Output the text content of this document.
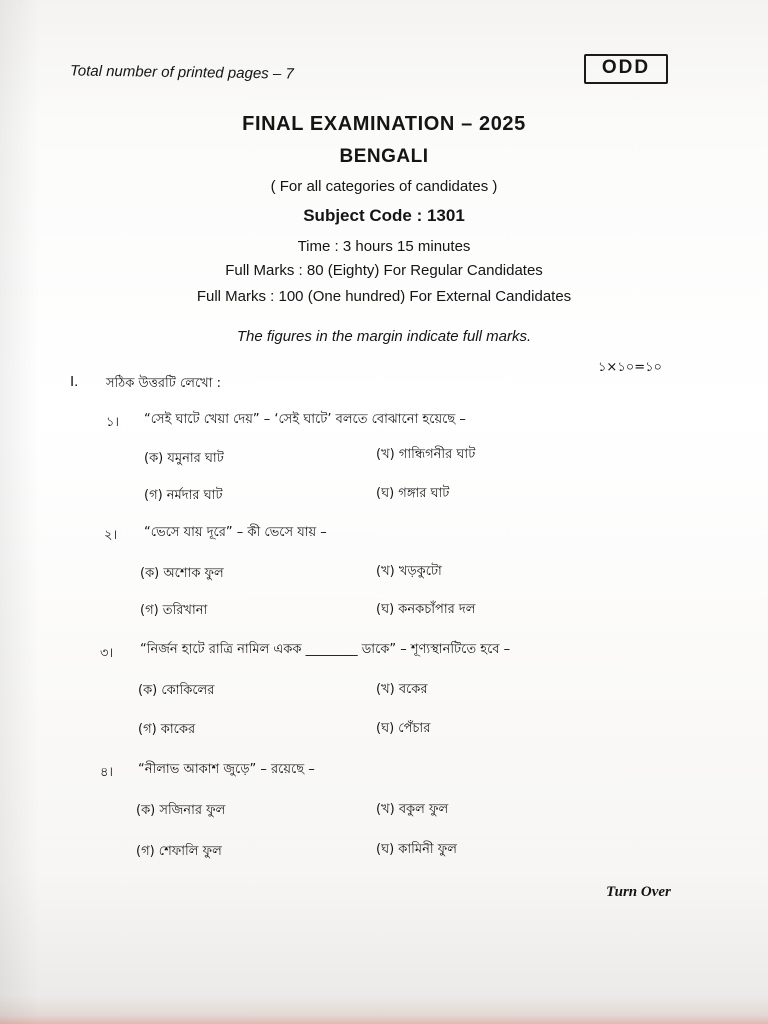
Total number of printed pages – 7	ODD
FINAL EXAMINATION – 2025
BENGALI
( For all categories of candidates )
Subject Code : 1301
Time : 3 hours 15 minutes
Full Marks : 80 (Eighty) For Regular Candidates
Full Marks : 100 (One hundred) For External Candidates
The figures in the margin indicate full marks.
I. সঠিক উত্তরটি লেখো :
১×১০=১০
১। “সেই ঘাটে খেয়া দেয়” – ‘সেই ঘাটে’ বলতে বোঝানো হয়েছে –
(ক) যমুনার ঘাট	(খ) গান্ধিগনীর ঘাট
(গ) নর্মদার ঘাট	(ঘ) গঙ্গার ঘাট
২। “ভেসে যায় দূরে” – কী ভেসে যায় –
(ক) অশোক ফুল	(খ) খড়কুটো
(গ) তরিখানা	(ঘ) কনকচাঁপার দল
৩। “নির্জন হাটে রাত্রি নামিল একক ________ ডাকে” – শূণ্যস্থানটিতে হবে –
(ক) কোকিলের	(খ) বকের
(গ) কাকের	(ঘ) পেঁচার
৪। “নীলাভ আকাশ জুড়ে” – রয়েছে –
(ক) সজিনার ফুল	(খ) বকুল ফুল
(গ) শেফালি ফুল	(ঘ) কামিনী ফুল
Turn Over
